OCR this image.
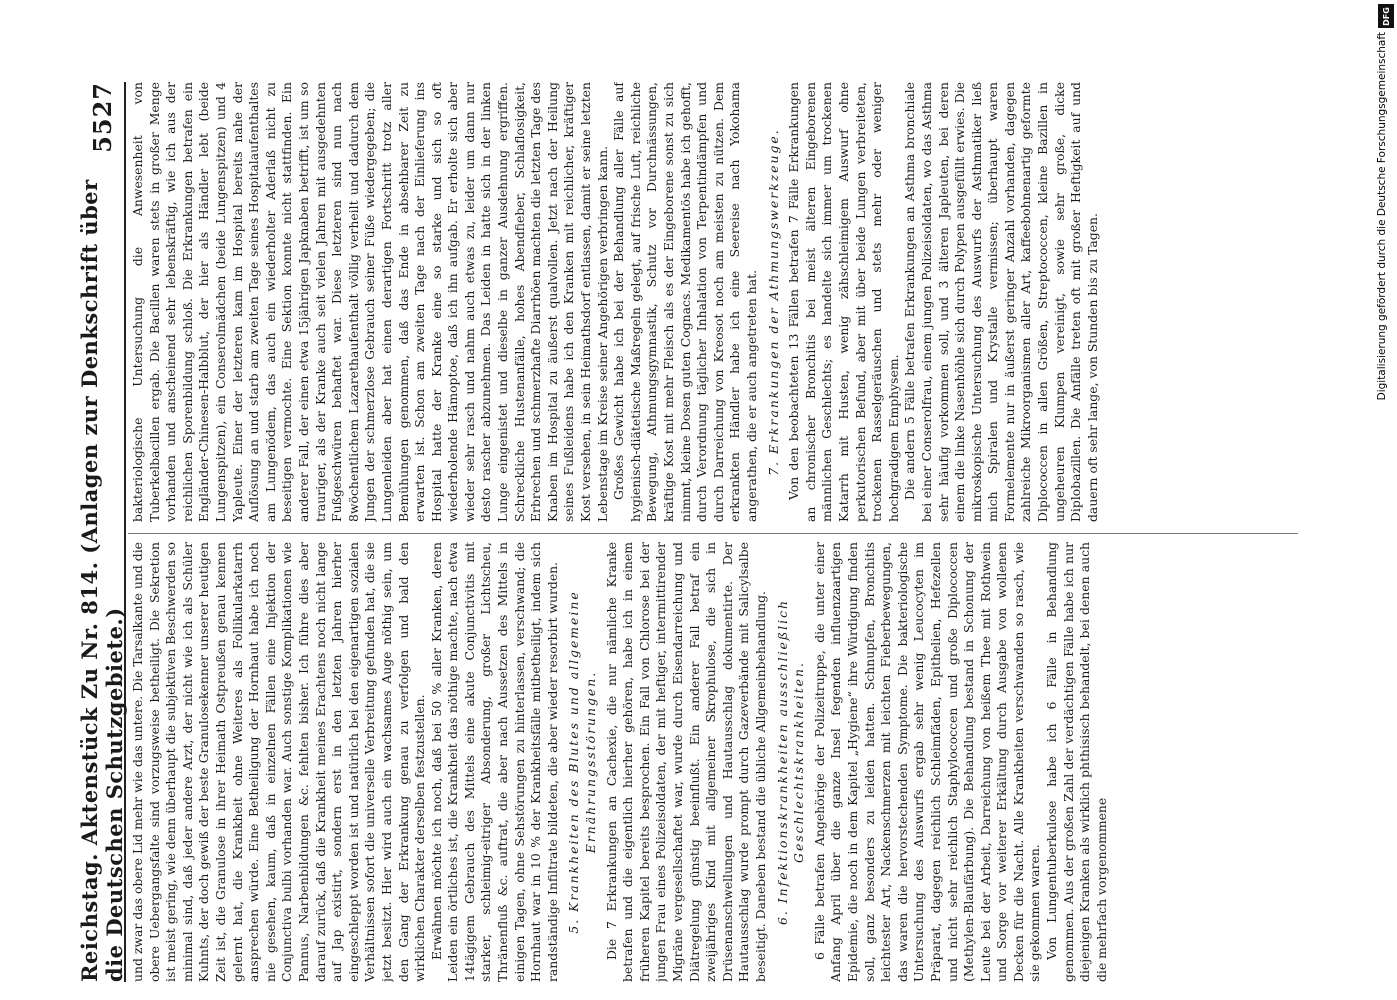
Reichstag. Aktenstück Zu Nr. 814. (Anlagen zur Denkschrift über die Deutschen Schutzgebiete.)
5527

und zwar das obere Lid mehr wie das untere. Die Tarsalkante und die obere Uebergangsfalte sind vorzugsweise betheiligt. Die Sekretion ist meist gering, wie denn überhaupt die subjektiven Beschwerden so minimal sind, daß jeder andere Arzt, der nicht wie ich als Schüler Kuhnts, der doch gewiß der beste Granulosekenner unserer heutigen Zeit ist, die Granulose in ihrer Heimath Ostpreußen genau kennen gelernt hat, die Krankheit ohne Weiteres als Follikularkatarrh ansprechen würde. Eine Betheiligung der Hornhaut habe ich noch nie gesehen, kaum, daß in einzelnen Fällen eine Injektion der Conjunctiva bulbi vorhanden war. Auch sonstige Komplikationen wie Pannus, Narbenbildungen &c. fehlten bisher. Ich führe dies aber darauf zurück, daß die Krankheit meines Erachtens noch nicht lange auf Jap existirt, sondern erst in den letzten Jahren hierher eingeschleppt worden ist und natürlich bei den eigenartigen sozialen Verhältnissen sofort die universelle Verbreitung gefunden hat, die sie jetzt besitzt. Hier wird auch ein wachsames Auge nöthig sein, um den Gang der Erkrankung genau zu verfolgen und bald den wirklichen Charakter derselben festzustellen. Erwähnen möchte ich noch, daß bei 50 % aller Kranken, deren Leiden ein örtliches ist, die Krankheit das nöthige machte, nach etwa 14tägigem Gebrauch des Mittels eine akute Conjunctivitis mit starker, schleimig-eitriger Absonderung, großer Lichtscheu, Thränenfluß &c. auftrat, die aber nach Aussetzen des Mittels in einigen Tagen, ohne Sehstörungen zu hinterlassen, verschwand; die Hornhaut war in 10 % der Krankheitsfälle mitbetheiligt, indem sich randständige Infiltrate bildeten, die aber wieder resorbirt wurden. 5. Krankheiten des Blutes und allgemeine Ernährungsstörungen. Die 7 Erkrankungen an Cachexie, die nur nämliche Kranke betrafen und die eigentlich hierher gehören, habe ich in einem früheren Kapitel bereits besprochen. Ein Fall von Chlorose bei der jungen Frau eines Polizeisoldaten, der mit heftiger, intermittirender Migräne vergesellschaftet war, wurde durch Eisendarreichung und Diätregelung günstig beeinflußt. Ein anderer Fall betraf ein zweijähriges Kind mit allgemeiner Skrophulose, die sich in Drüsenanschwellungen und Hautausschlag dokumentirte. Der Hautausschlag wurde prompt durch Gazeverbände mit Salicylsalbe beseitigt. Daneben bestand die übliche Allgemeinbehandlung. 6. Infektionskrankheiten ausschließlich Geschlechtskrankheiten. 6 Fälle betrafen Angehörige der Polizeitruppe, die unter einer Anfang April über die ganze Insel fegenden influenzaartigen Epidemie, die noch in dem Kapitel „Hygiene“ ihre Würdigung finden soll, ganz besonders zu leiden hatten. Schnupfen, Bronchitis leichtester Art, Nackenschmerzen mit leichten Fieberbewegungen, das waren die hervorstechenden Symptome. Die bakteriologische Untersuchung des Auswurfs ergab sehr wenig Leucocyten im Präparat, dagegen reichlich Schleimfäden, Epithelien, Hefezellen und nicht sehr reichlich Staphylococcen und große Diplococcen (Methylen-Blaufärbung). Die Behandlung bestand in Schonung der Leute bei der Arbeit, Darreichung von heißem Thee mit Rothwein und Sorge vor weiterer Erkältung durch Ausgabe von wollenen Decken für die Nacht. Alle Krankheiten verschwanden so rasch, wie sie gekommen waren. Von Lungentuberkulose habe ich 6 Fälle in Behandlung genommen. Aus der großen Zahl der verdächtigen Fälle habe ich nur diejenigen Kranken als wirklich phthisisch behandelt, bei denen auch die mehrfach vorgenommene

bakteriologische Untersuchung die Anwesenheit von Tuberkelbacillen ergab. Die Bacillen waren stets in großer Menge vorhanden und anscheinend sehr lebenskräftig, wie ich aus der reichlichen Sporenbildung schloß. Die Erkrankungen betrafen ein Engländer-Chinesen-Halbblut, der hier als Händler lebt (beide Lungenspitzen), ein Conserolmädchen (beide Lungenspitzen) und 4 Yapleute. Einer der letzteren kam im Hospital bereits nahe der Auflösung an und starb am zweiten Tage seines Hospitalaufenthaltes am Lungenödem, das auch ein wiederholter Aderlaß nicht zu beseitigen vermochte. Eine Sektion konnte nicht stattfinden. Ein anderer Fall, der einen etwa 15jährigen Japknaben betrifft, ist um so trauriger, als der Kranke auch seit vielen Jahren mit ausgedehnten Fußgeschwüren behaftet war. Diese letzteren sind nun nach 8wöchentlichem Lazarethaufenthalt völlig verheilt und dadurch dem Jungen der schmerzlose Gebrauch seiner Füße wiedergegeben; die Lungenleiden aber hat einen derartigen Fortschritt trotz aller Bemühungen genommen, daß das Ende in absehbarer Zeit zu erwarten ist. Schon am zweiten Tage nach der Einlieferung ins Hospital hatte der Kranke eine so starke und sich so oft wiederholende Hämoptoe, daß ich ihn aufgab. Er erholte sich aber wieder sehr rasch und nahm auch etwas zu, leider um dann nur desto rascher abzunehmen. Das Leiden in hatte sich in der linken Lunge eingenistet und dieselbe in ganzer Ausdehnung ergriffen. Schreckliche Hustenanfälle, hohes Abendfieber, Schlaflosigkeit, Erbrechen und schmerzhafte Diarrhöen machten die letzten Tage des Knaben im Hospital zu äußerst qualvollen. Jetzt nach der Heilung seines Fußleidens habe ich den Kranken mit reichlicher, kräftiger Kost versehen, in sein Heimathsdorf entlassen, damit er seine letzten Lebenstage im Kreise seiner Angehörigen verbringen kann. Großes Gewicht habe ich bei der Behandlung aller Fälle auf hygienisch-diätetische Maßregeln gelegt, auf frische Luft, reichliche Bewegung, Athmungsgymnastik, Schutz vor Durchnässungen, kräftige Kost mit mehr Fleisch als es der Eingeborene sonst zu sich nimmt, kleine Dosen guten Cognacs. Medikamentös habe ich gehofft, durch Verordnung täglicher Inhalation von Terpentindämpfen und durch Darreichung von Kreosot noch am meisten zu nützen. Dem erkrankten Händler habe ich eine Seereise nach Yokohama angerathen, die er auch angetreten hat. 7. Erkrankungen der Athmungswerkzeuge. Von den beobachteten 13 Fällen betrafen 7 Fälle Erkrankungen an chronischer Bronchitis bei meist älteren Eingeborenen männlichen Geschlechts; es handelte sich immer um trockenen Katarrh mit Husten, wenig zähschleimigem Auswurf ohne perkutorischen Befund, aber mit über beide Lungen verbreiteten, trockenen Rasselgeräuschen und stets mehr oder weniger hochgradigem Emphysem. Die andern 5 Fälle betrafen Erkrankungen an Asthma bronchiale bei einer Conserolfrau, einem jungen Polizeisoldaten, wo das Asthma sehr häufig vorkommen soll, und 3 älteren Japleuten, bei deren einem die linke Nasenhöhle sich durch Polypen ausgefüllt erwies. Die mikroskopische Untersuchung des Auswurfs der Asthmatiker ließ mich Spiralen und Krystalle vermissen; überhaupt waren Formelemente nur in äußerst geringer Anzahl vorhanden, dagegen zahlreiche Mikroorganismen aller Art, kaffeebohnenartig geformte Diplococcen in allen Größen, Streptococcen, kleine Bazillen in ungeheuren Klumpen vereinigt, sowie sehr große, dicke Diplobazillen. Die Anfälle treten oft mit großer Heftigkeit auf und dauern oft sehr lange, von Stunden bis zu Tagen.

DFG
Digitalisierung gefördert durch die Deutsche Forschungsgemeinschaft
